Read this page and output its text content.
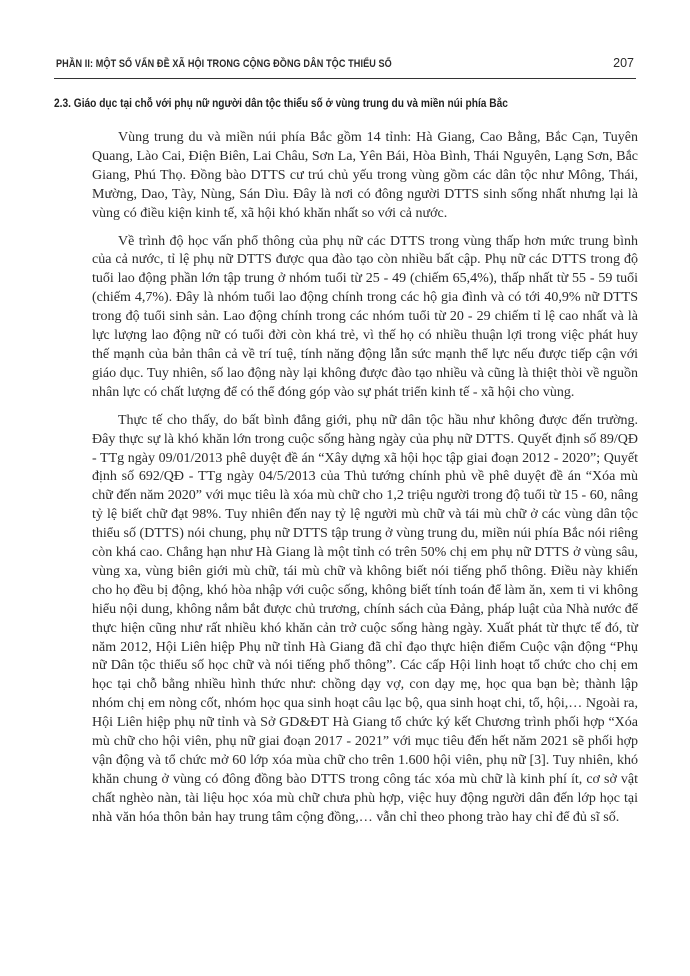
PHẦN II: MỘT SỐ VẤN ĐỀ XÃ HỘI TRONG CỘNG ĐỒNG DÂN TỘC THIỂU SỐ	207
2.3. Giáo dục tại chỗ với phụ nữ người dân tộc thiểu số ở vùng trung du và miền núi phía Bắc

Vùng trung du và miền núi phía Bắc gồm 14 tỉnh: Hà Giang, Cao Bằng, Bắc Cạn, Tuyên Quang, Lào Cai, Điện Biên, Lai Châu, Sơn La, Yên Bái, Hòa Bình, Thái Nguyên, Lạng Sơn, Bắc Giang, Phú Thọ. Đồng bào DTTS cư trú chủ yếu trong vùng gồm các dân tộc như Mông, Thái, Mường, Dao, Tày, Nùng, Sán Dìu. Đây là nơi có đông người DTTS sinh sống nhất nhưng lại là vùng có điều kiện kinh tế, xã hội khó khăn nhất so với cả nước.

Về trình độ học vấn phổ thông của phụ nữ các DTTS trong vùng thấp hơn mức trung bình của cả nước, tỉ lệ phụ nữ DTTS được qua đào tạo còn nhiều bất cập. Phụ nữ các DTTS trong độ tuổi lao động phần lớn tập trung ở nhóm tuổi từ 25 - 49 (chiếm 65,4%), thấp nhất từ 55 - 59 tuổi (chiếm 4,7%). Đây là nhóm tuổi lao động chính trong các hộ gia đình và có tới 40,9% nữ DTTS trong độ tuổi sinh sản. Lao động chính trong các nhóm tuổi từ 20 - 29 chiếm tỉ lệ cao nhất và là lực lượng lao động nữ có tuổi đời còn khá trẻ, vì thế họ có nhiều thuận lợi trong việc phát huy thế mạnh của bản thân cả về trí tuệ, tính năng động lẫn sức mạnh thể lực nếu được tiếp cận với giáo dục. Tuy nhiên, số lao động này lại không được đào tạo nhiều và cũng là thiệt thòi về nguồn nhân lực có chất lượng để có thể đóng góp vào sự phát triển kinh tế - xã hội cho vùng.

Thực tế cho thấy, do bất bình đẳng giới, phụ nữ dân tộc hầu như không được đến trường. Đây thực sự là khó khăn lớn trong cuộc sống hàng ngày của phụ nữ DTTS. Quyết định số 89/QĐ - TTg ngày 09/01/2013 phê duyệt đề án “Xây dựng xã hội học tập giai đoạn 2012 - 2020”; Quyết định số 692/QĐ - TTg ngày 04/5/2013 của Thủ tướng chính phủ về phê duyệt đề án “Xóa mù chữ đến năm 2020” với mục tiêu là xóa mù chữ cho 1,2 triệu người trong độ tuổi từ 15 - 60, nâng tỷ lệ biết chữ đạt 98%. Tuy nhiên đến nay tỷ lệ người mù chữ và tái mù chữ ở các vùng dân tộc thiểu số (DTTS) nói chung, phụ nữ DTTS tập trung ở vùng trung du, miền núi phía Bắc nói riêng còn khá cao. Chẳng hạn như Hà Giang là một tỉnh có trên 50% chị em phụ nữ DTTS ở vùng sâu, vùng xa, vùng biên giới mù chữ, tái mù chữ và không biết nói tiếng phổ thông. Điều này khiến cho họ đều bị động, khó hòa nhập với cuộc sống, không biết tính toán để làm ăn, xem ti vi không hiểu nội dung, không nắm bắt được chủ trương, chính sách của Đảng, pháp luật của Nhà nước để thực hiện cũng như rất nhiều khó khăn cản trở cuộc sống hàng ngày. Xuất phát từ thực tế đó, từ năm 2012, Hội Liên hiệp Phụ nữ tỉnh Hà Giang đã chỉ đạo thực hiện điểm Cuộc vận động “Phụ nữ Dân tộc thiểu số học chữ và nói tiếng phổ thông”. Các cấp Hội linh hoạt tổ chức cho chị em học tại chỗ bằng nhiều hình thức như: chồng dạy vợ, con dạy mẹ, học qua bạn bè; thành lập nhóm chị em nòng cốt, nhóm học qua sinh hoạt câu lạc bộ, qua sinh hoạt chi, tổ, hội,… Ngoài ra, Hội Liên hiệp phụ nữ tỉnh và Sở GD&ĐT Hà Giang tổ chức ký kết Chương trình phối hợp “Xóa mù chữ cho hội viên, phụ nữ giai đoạn 2017 - 2021” với mục tiêu đến hết năm 2021 sẽ phối hợp vận động và tổ chức mở 60 lớp xóa mùa chữ cho trên 1.600 hội viên, phụ nữ [3]. Tuy nhiên, khó khăn chung ở vùng có đông đồng bào DTTS trong công tác xóa mù chữ là kinh phí ít, cơ sở vật chất nghèo nàn, tài liệu học xóa mù chữ chưa phù hợp, việc huy động người dân đến lớp học tại nhà văn hóa thôn bản hay trung tâm cộng đồng,… vẫn chỉ theo phong trào hay chỉ để đủ sĩ số.
